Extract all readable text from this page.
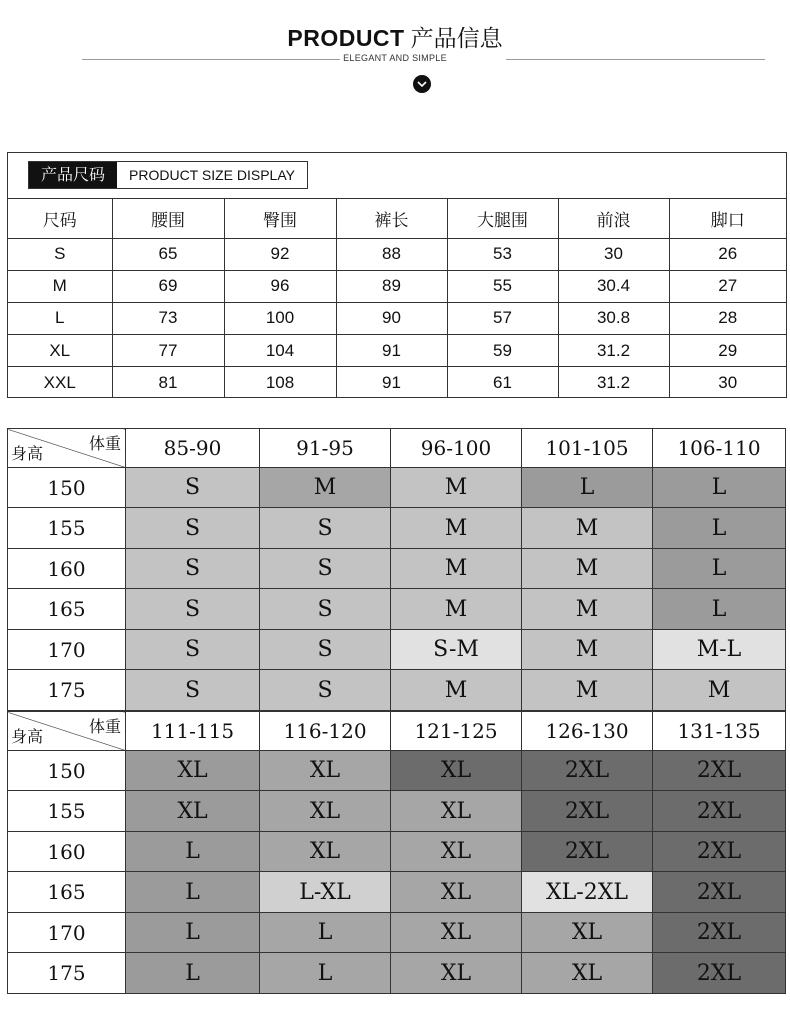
PRODUCT 产品信息
ELEGANT AND SIMPLE
产品尺码	PRODUCT SIZE DISPLAY
尺码	腰围	臀围	裤长	大腿围	前浪	脚口
S	65	92	88	53	30	26
M	69	96	89	55	30.4	27
L	73	100	90	57	30.8	28
XL	77	104	91	59	31.2	29
XXL	81	108	91	61	31.2	30
体重
身高	85-90	91-95	96-100	101-105	106-110
150	S	M	M	L	L
155	S	S	M	M	L
160	S	S	M	M	L
165	S	S	M	M	L
170	S	S	S-M	M	M-L
175	S	S	M	M	M
体重
身高	111-115	116-120	121-125	126-130	131-135
150	XL	XL	XL	2XL	2XL
155	XL	XL	XL	2XL	2XL
160	L	XL	XL	2XL	2XL
165	L	L-XL	XL	XL-2XL	2XL
170	L	L	XL	XL	2XL
175	L	L	XL	XL	2XL
